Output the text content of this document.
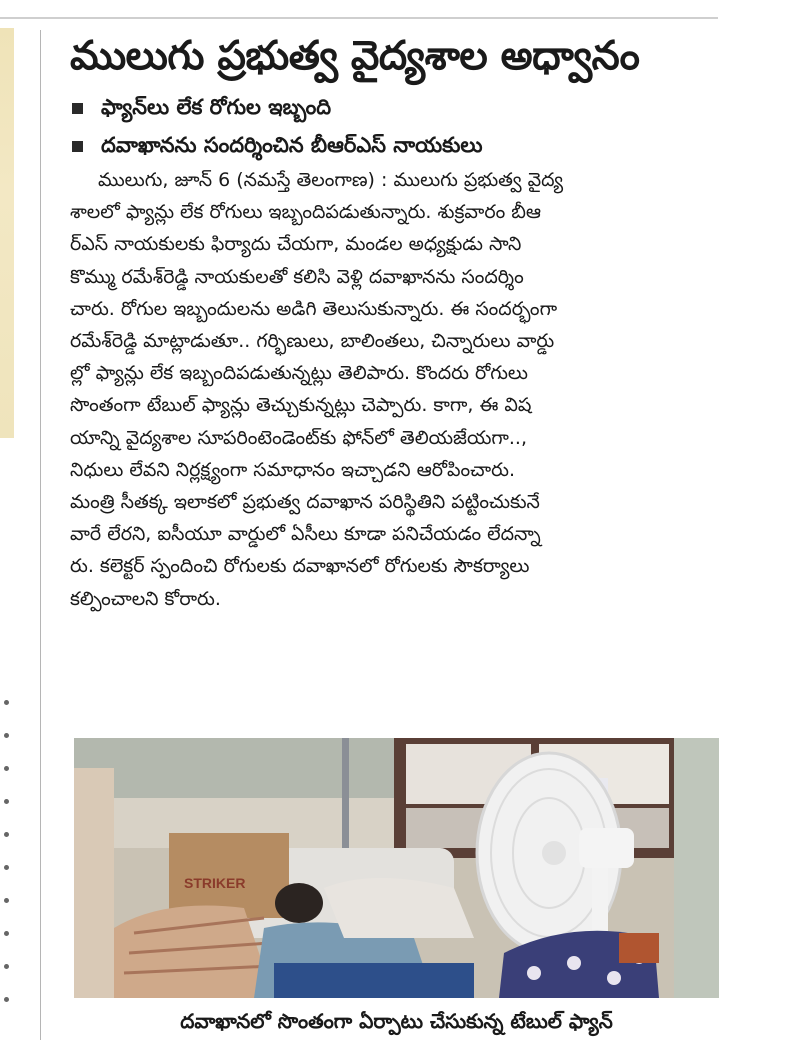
ములుగు ప్రభుత్వ వైద్యశాల అధ్వానం
ఫ్యాన్‌లు లేక రోగుల ఇబ్బంది
దవాఖానను సందర్శించిన బీఆర్‌ఎస్‌ నాయకులు

ములుగు, జూన్‌ 6 (నమస్తే తెలంగాణ) : ములుగు ప్రభుత్వ వైద్య

శాలలో ఫ్యాన్లు లేక రోగులు ఇబ్బందిపడుతున్నారు. శుక్రవారం బీఆ

ర్‌ఎస్‌ నాయకులకు ఫిర్యాదు చేయగా, మండల అధ్యక్షుడు సాని

కొమ్ము రమేశ్‌రెడ్డి నాయకులతో కలిసి వెళ్లి దవాఖానను సందర్శిం

చారు. రోగుల ఇబ్బందులను అడిగి తెలుసుకున్నారు. ఈ సందర్భంగా

రమేశ్‌రెడ్డి మాట్లాడుతూ.. గర్భిణులు, బాలింతలు, చిన్నారులు వార్డు

ల్లో ఫ్యాన్లు లేక ఇబ్బందిపడుతున్నట్లు తెలిపారు. కొందరు రోగులు

సొంతంగా టేబుల్‌ ఫ్యాన్లు తెచ్చుకున్నట్లు చెప్పారు. కాగా, ఈ విష

యాన్ని వైద్యశాల సూపరింటెండెంట్‌కు ఫోన్‌లో తెలియజేయగా..,

నిధులు లేవని నిర్లక్ష్యంగా సమాధానం ఇచ్చాడని ఆరోపించారు.

మంత్రి సీతక్క ఇలాకలో ప్రభుత్వ దవాఖాన పరిస్థితిని పట్టించుకునే

వారే లేరని, ఐసీయూ వార్డులో ఏసీలు కూడా పనిచేయడం లేదన్నా

రు. కలెక్టర్‌ స్పందించి రోగులకు దవాఖానలో రోగులకు సౌకర్యాలు

కల్పించాలని కోరారు.

STRIKER
దవాఖానలో సొంతంగా ఏర్పాటు చేసుకున్న టేబుల్‌ ఫ్యాన్‌
